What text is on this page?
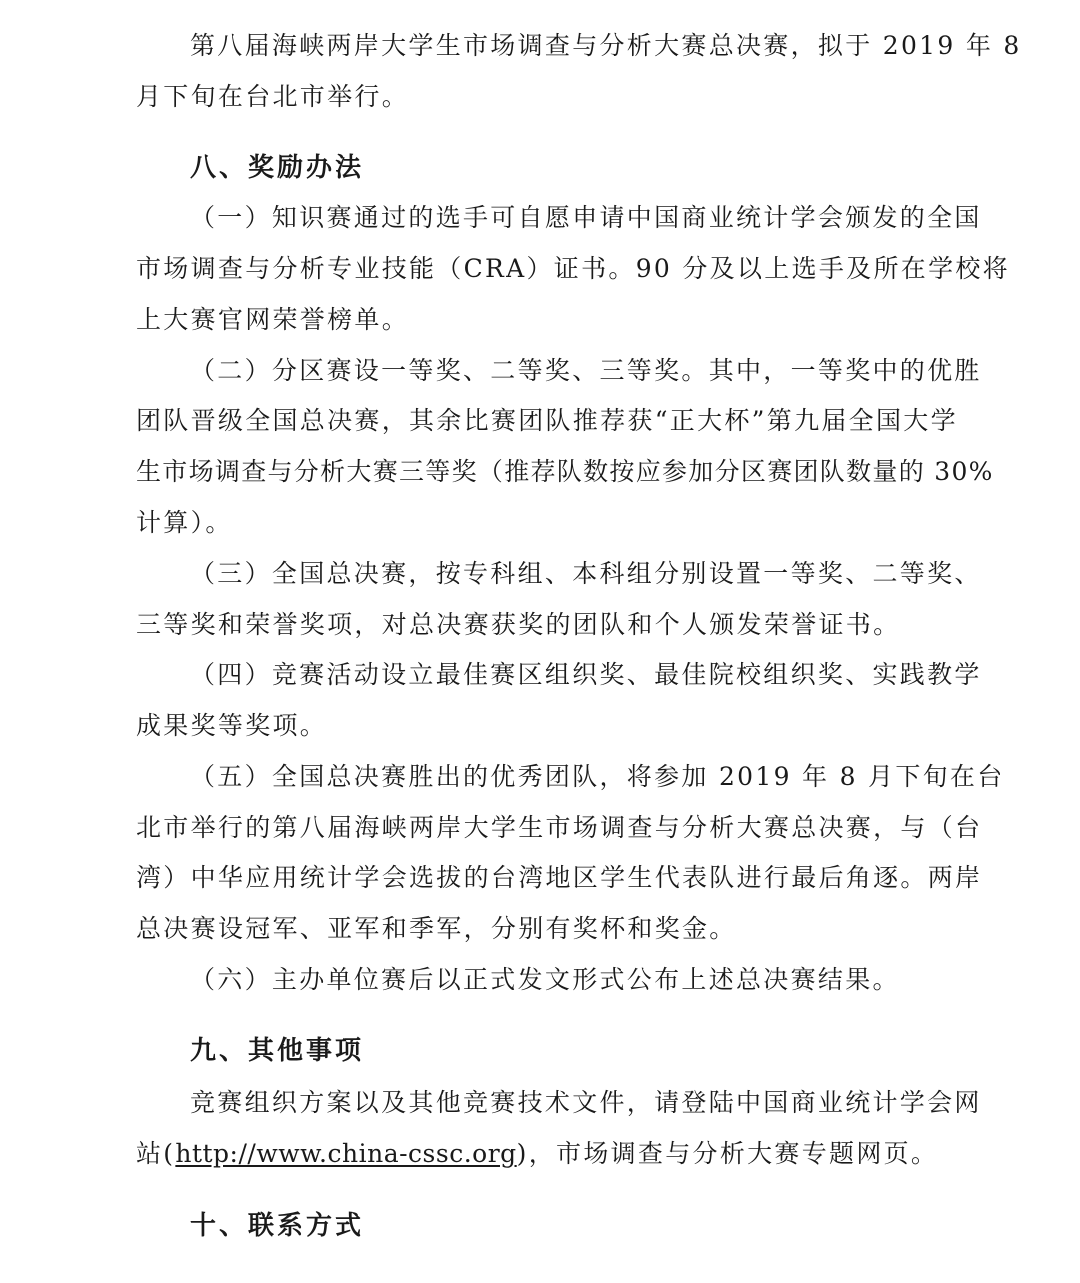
第八届海峡两岸大学生市场调查与分析大赛总决赛，拟于 2019 年 8
月下旬在台北市举行。
八、奖励办法
（一）知识赛通过的选手可自愿申请中国商业统计学会颁发的全国
市场调查与分析专业技能（CRA）证书。90 分及以上选手及所在学校将
上大赛官网荣誉榜单。
（二）分区赛设一等奖、二等奖、三等奖。其中，一等奖中的优胜
团队晋级全国总决赛，其余比赛团队推荐获“正大杯”第九届全国大学
生市场调查与分析大赛三等奖（推荐队数按应参加分区赛团队数量的 30%
计算）。
（三）全国总决赛，按专科组、本科组分别设置一等奖、二等奖、
三等奖和荣誉奖项，对总决赛获奖的团队和个人颁发荣誉证书。
（四）竞赛活动设立最佳赛区组织奖、最佳院校组织奖、实践教学
成果奖等奖项。
（五）全国总决赛胜出的优秀团队，将参加 2019 年 8 月下旬在台
北市举行的第八届海峡两岸大学生市场调查与分析大赛总决赛，与（台
湾）中华应用统计学会选拔的台湾地区学生代表队进行最后角逐。两岸
总决赛设冠军、亚军和季军，分别有奖杯和奖金。
（六）主办单位赛后以正式发文形式公布上述总决赛结果。
九、其他事项
竞赛组织方案以及其他竞赛技术文件，请登陆中国商业统计学会网
站(http://www.china-cssc.org)，市场调查与分析大赛专题网页。
十、联系方式
